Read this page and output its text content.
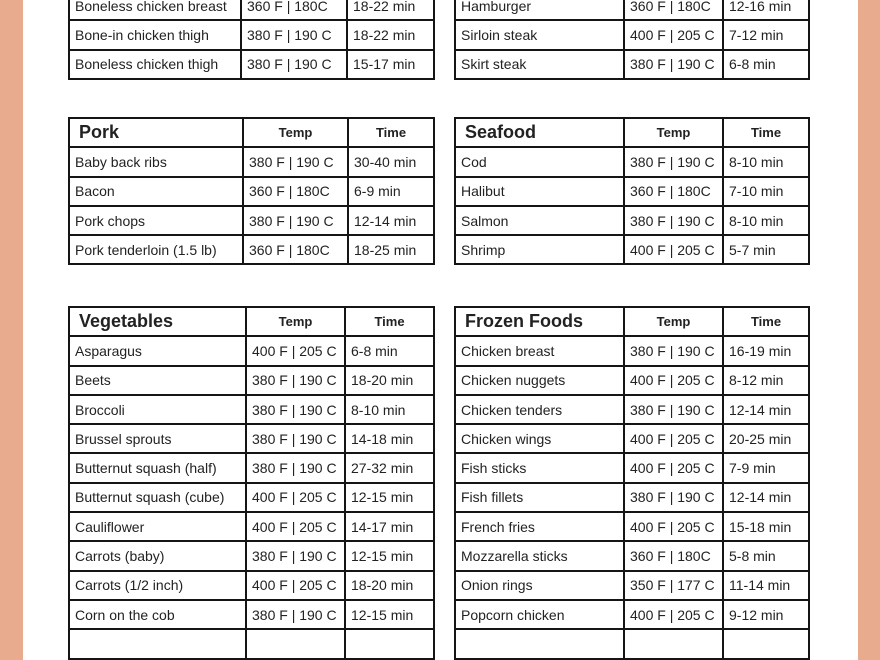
Boneless chicken breast	360 F | 180C	18-22 min
Bone-in chicken thigh	380 F | 190 C	18-22 min
Boneless chicken thigh	380 F | 190 C	15-17 min
Hamburger	360 F | 180C	12-16 min
Sirloin steak	400 F | 205 C	7-12 min
Skirt steak	380 F | 190 C	6-8 min
Pork	Temp	Time
Baby back ribs	380 F | 190 C	30-40 min
Bacon	360 F | 180C	6-9 min
Pork chops	380 F | 190 C	12-14 min
Pork tenderloin (1.5 lb)	360 F | 180C	18-25 min
Seafood	Temp	Time
Cod	380 F | 190 C	8-10 min
Halibut	360 F | 180C	7-10 min
Salmon	380 F | 190 C	8-10 min
Shrimp	400 F | 205 C	5-7 min
Vegetables	Temp	Time
Asparagus	400 F | 205 C	6-8 min
Beets	380 F | 190 C	18-20 min
Broccoli	380 F | 190 C	8-10 min
Brussel sprouts	380 F | 190 C	14-18 min
Butternut squash (half)	380 F | 190 C	27-32 min
Butternut squash (cube)	400 F | 205 C	12-15 min
Cauliflower	400 F | 205 C	14-17 min
Carrots (baby)	380 F | 190 C	12-15 min
Carrots (1/2 inch)	400 F | 205 C	18-20 min
Corn on the cob	380 F | 190 C	12-15 min

Frozen Foods	Temp	Time
Chicken breast	380 F | 190 C	16-19 min
Chicken nuggets	400 F | 205 C	8-12 min
Chicken tenders	380 F | 190 C	12-14 min
Chicken wings	400 F | 205 C	20-25 min
Fish sticks	400 F | 205 C	7-9 min
Fish fillets	380 F | 190 C	12-14 min
French fries	400 F | 205 C	15-18 min
Mozzarella sticks	360 F | 180C	5-8 min
Onion rings	350 F | 177 C	11-14 min
Popcorn chicken	400 F | 205 C	9-12 min
